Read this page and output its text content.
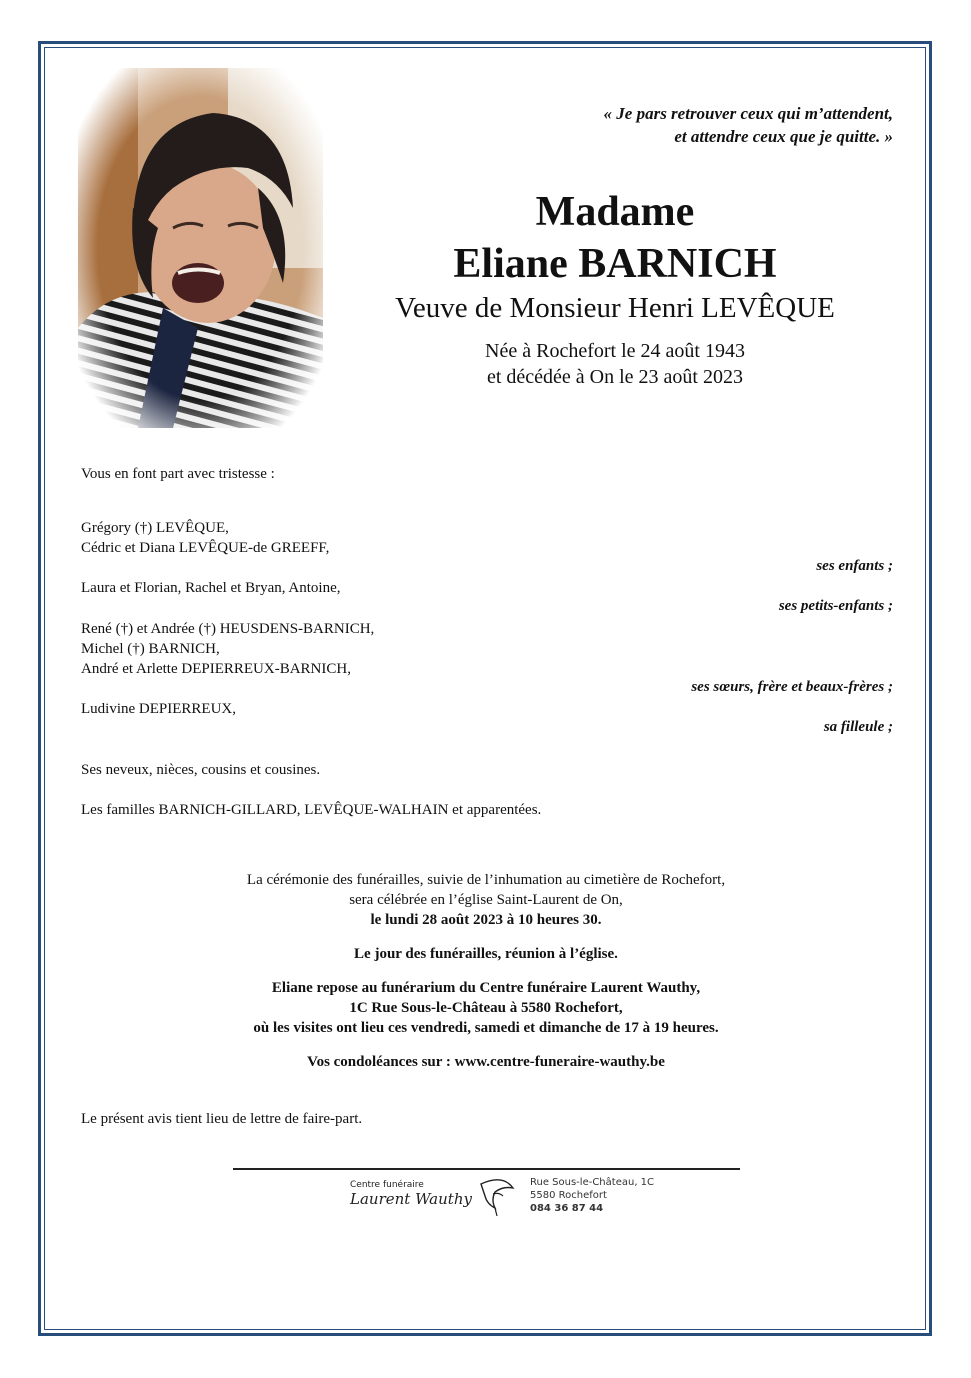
« Je pars retrouver ceux qui m’attendent,
et attendre ceux que je quitte. »
Madame
Eliane BARNICH
Veuve de Monsieur Henri LEVÊQUE
Née à Rochefort le 24 août 1943
et décédée à On le 23 août 2023
Vous en font part avec tristesse :
Grégory (†) LEVÊQUE,
Cédric et Diana LEVÊQUE-de GREEFF,
ses enfants ;
Laura et Florian, Rachel et Bryan, Antoine,
ses petits-enfants ;
René (†) et Andrée (†) HEUSDENS-BARNICH,
Michel (†) BARNICH,
André et Arlette DEPIERREUX-BARNICH,
ses sœurs, frère et beaux-frères ;
Ludivine DEPIERREUX,
sa filleule ;
Ses neveux, nièces, cousins et cousines.
Les familles BARNICH-GILLARD, LEVÊQUE-WALHAIN et apparentées.
La cérémonie des funérailles, suivie de l’inhumation au cimetière de Rochefort,
sera célébrée en l’église Saint-Laurent de On,
le lundi 28 août 2023 à 10 heures 30.
Le jour des funérailles, réunion à l’église.
Eliane repose au funérarium du Centre funéraire Laurent Wauthy,
1C Rue Sous-le-Château à 5580 Rochefort,
où les visites ont lieu ces vendredi, samedi et dimanche de 17 à 19 heures.
Vos condoléances sur : www.centre-funeraire-wauthy.be
Le présent avis tient lieu de lettre de faire-part.
Centre funéraire
Laurent Wauthy
Rue Sous-le-Château, 1C
5580 Rochefort
084 36 87 44
